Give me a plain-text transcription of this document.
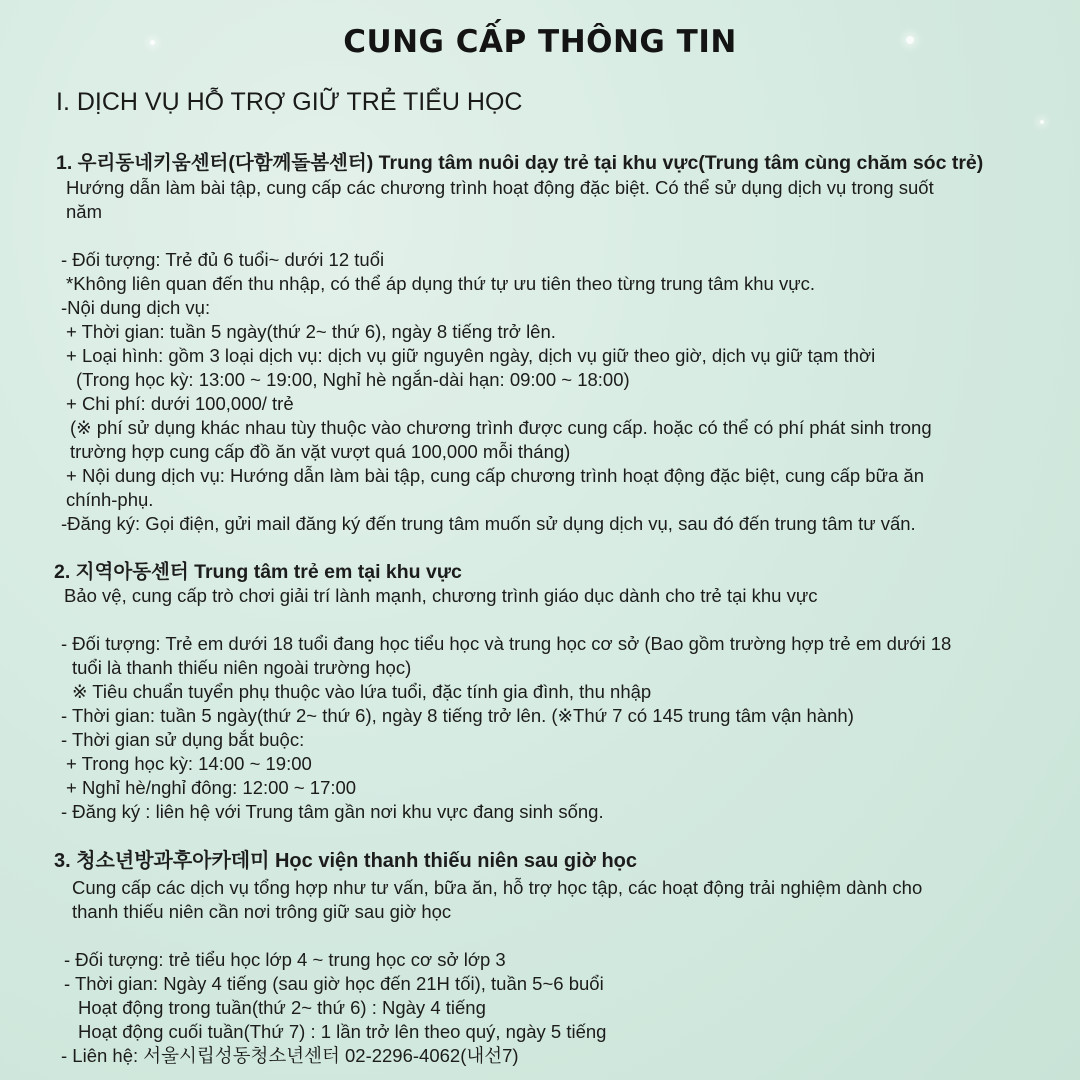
CUNG CẤP THÔNG TIN
I. DỊCH VỤ HỖ TRỢ GIỮ TRẺ TIỂU HỌC
1. 우리동네키움센터(다함께돌봄센터) Trung tâm nuôi dạy trẻ tại khu vực(Trung tâm cùng chăm sóc trẻ)
Hướng dẫn làm bài tập, cung cấp các chương trình hoạt động đặc biệt. Có thể sử dụng dịch vụ trong suốt
năm
- Đối tượng: Trẻ đủ 6 tuổi~ dưới 12 tuổi
*Không liên quan đến thu nhập, có thể áp dụng thứ tự ưu tiên theo từng trung tâm khu vực.
-Nội dung dịch vụ:
+ Thời gian: tuần 5 ngày(thứ 2~ thứ 6), ngày 8 tiếng trở lên.
+ Loại hình: gồm 3 loại dịch vụ: dịch vụ giữ nguyên ngày, dịch vụ giữ theo giờ, dịch vụ giữ tạm thời
(Trong học kỳ: 13:00 ~ 19:00, Nghỉ hè ngắn-dài hạn: 09:00 ~ 18:00)
+ Chi phí: dưới 100,000/ trẻ
(※ phí sử dụng khác nhau tùy thuộc vào chương trình được cung cấp. hoặc có thể có phí phát sinh trong
trường hợp cung cấp đồ ăn vặt vượt quá 100,000 mỗi tháng)
+ Nội dung dịch vụ: Hướng dẫn làm bài tập, cung cấp chương trình hoạt động đặc biệt, cung cấp bữa ăn
chính-phụ.
-Đăng ký: Gọi điện, gửi mail đăng ký đến trung tâm muốn sử dụng dịch vụ, sau đó đến trung tâm tư vấn.
2. 지역아동센터 Trung tâm trẻ em tại khu vực
Bảo vệ, cung cấp trò chơi giải trí lành mạnh, chương trình giáo dục dành cho trẻ tại khu vực
- Đối tượng: Trẻ em dưới 18 tuổi đang học tiểu học và trung học cơ sở (Bao gồm trường hợp trẻ em dưới 18
tuổi là thanh thiếu niên ngoài trường học)
※ Tiêu chuẩn tuyển phụ thuộc vào lứa tuổi, đặc tính gia đình, thu nhập
- Thời gian: tuần 5 ngày(thứ 2~ thứ 6), ngày 8 tiếng trở lên. (※Thứ 7 có 145 trung tâm vận hành)
- Thời gian sử dụng bắt buộc:
+ Trong học kỳ: 14:00 ~ 19:00
+ Nghỉ hè/nghỉ đông: 12:00 ~ 17:00
- Đăng ký : liên hệ với Trung tâm gần nơi khu vực đang sinh sống.
3. 청소년방과후아카데미 Học viện thanh thiếu niên sau giờ học
Cung cấp các dịch vụ tổng hợp như tư vấn, bữa ăn, hỗ trợ học tập, các hoạt động trải nghiệm dành cho
thanh thiếu niên cần nơi trông giữ sau giờ học
- Đối tượng: trẻ tiểu học lớp 4 ~ trung học cơ sở lớp 3
- Thời gian: Ngày 4 tiếng (sau giờ học đến 21H tối), tuần 5~6 buổi
Hoạt động trong tuần(thứ 2~ thứ 6) : Ngày 4 tiếng
Hoạt động cuối tuần(Thứ 7) : 1 lần trở lên theo quý, ngày 5 tiếng
- Liên hệ: 서울시립성동청소년센터 02-2296-4062(내선7)
